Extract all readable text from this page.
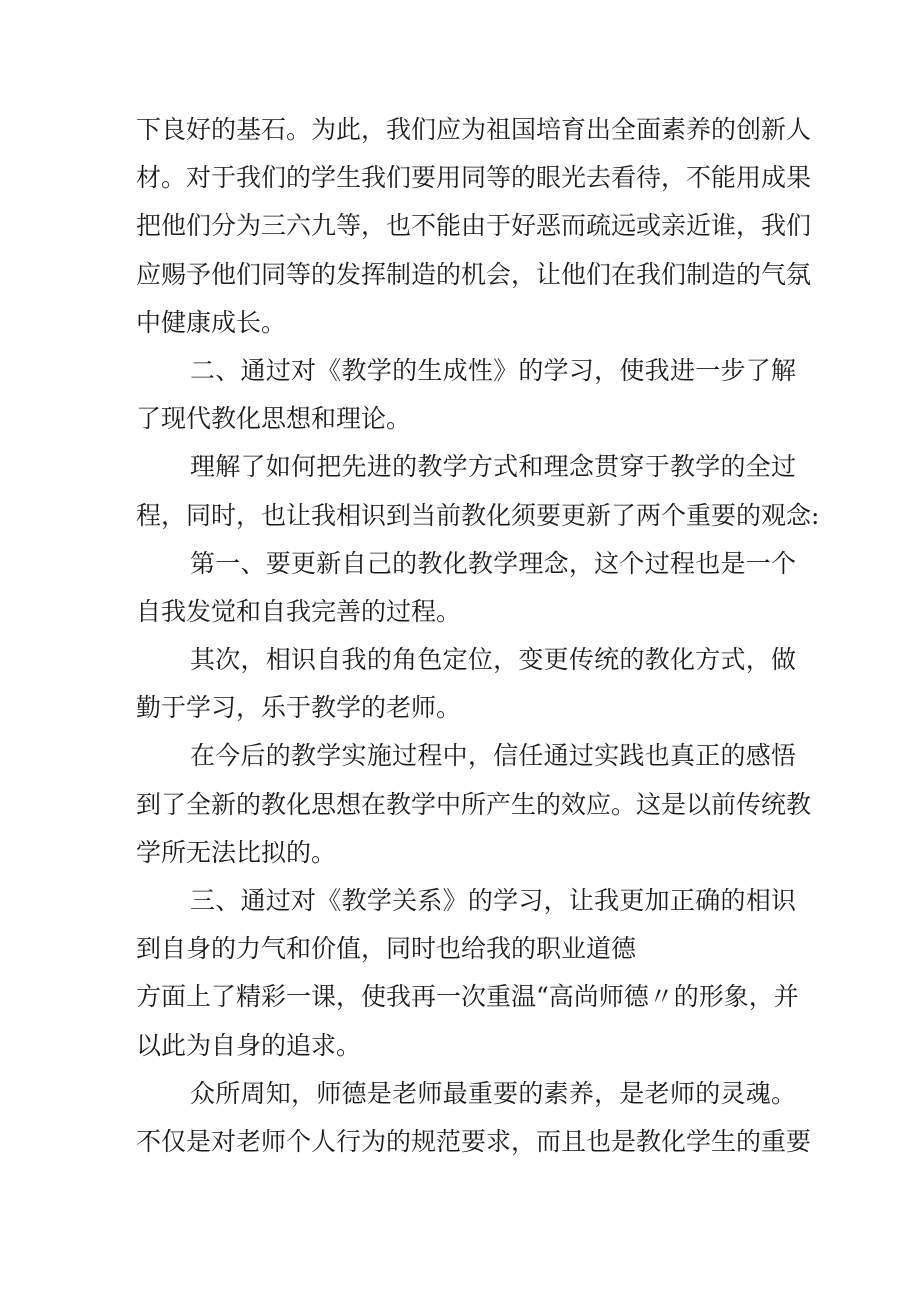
下良好的基石。为此，我们应为祖国培育出全面素养的创新人
材。对于我们的学生我们要用同等的眼光去看待，不能用成果
把他们分为三六九等，也不能由于好恶而疏远或亲近谁，我们
应赐予他们同等的发挥制造的机会，让他们在我们制造的气氛
中健康成长。
二、通过对《教学的生成性》的学习，使我进一步了解
了现代教化思想和理论。
理解了如何把先进的教学方式和理念贯穿于教学的全过
程，同时，也让我相识到当前教化须要更新了两个重要的观念:
第一、要更新自己的教化教学理念，这个过程也是一个
自我发觉和自我完善的过程。
其次，相识自我的角色定位，变更传统的教化方式，做
勤于学习，乐于教学的老师。
在今后的教学实施过程中，信任通过实践也真正的感悟
到了全新的教化思想在教学中所产生的效应。这是以前传统教
学所无法比拟的。
三、通过对《教学关系》的学习，让我更加正确的相识
到自身的力气和价值，同时也给我的职业道德
方面上了精彩一课，使我再一次重温“高尚师德〃的形象，并
以此为自身的追求。
众所周知，师德是老师最重要的素养，是老师的灵魂。
不仅是对老师个人行为的规范要求，而且也是教化学生的重要
